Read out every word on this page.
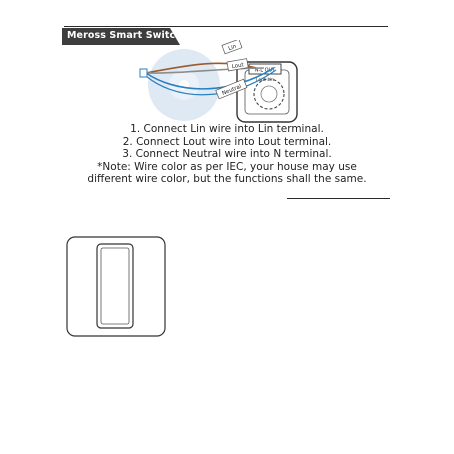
Meross Smart Switch
N-L OUT
Lout Lin
Lin
Lout
Neutral
1. Connect Lin wire into Lin terminal.
2. Connect Lout wire into Lout terminal.
3. Connect Neutral wire into N terminal.
*Note: Wire color as per IEC, your house may use
different wire color, but the functions shall the same.
